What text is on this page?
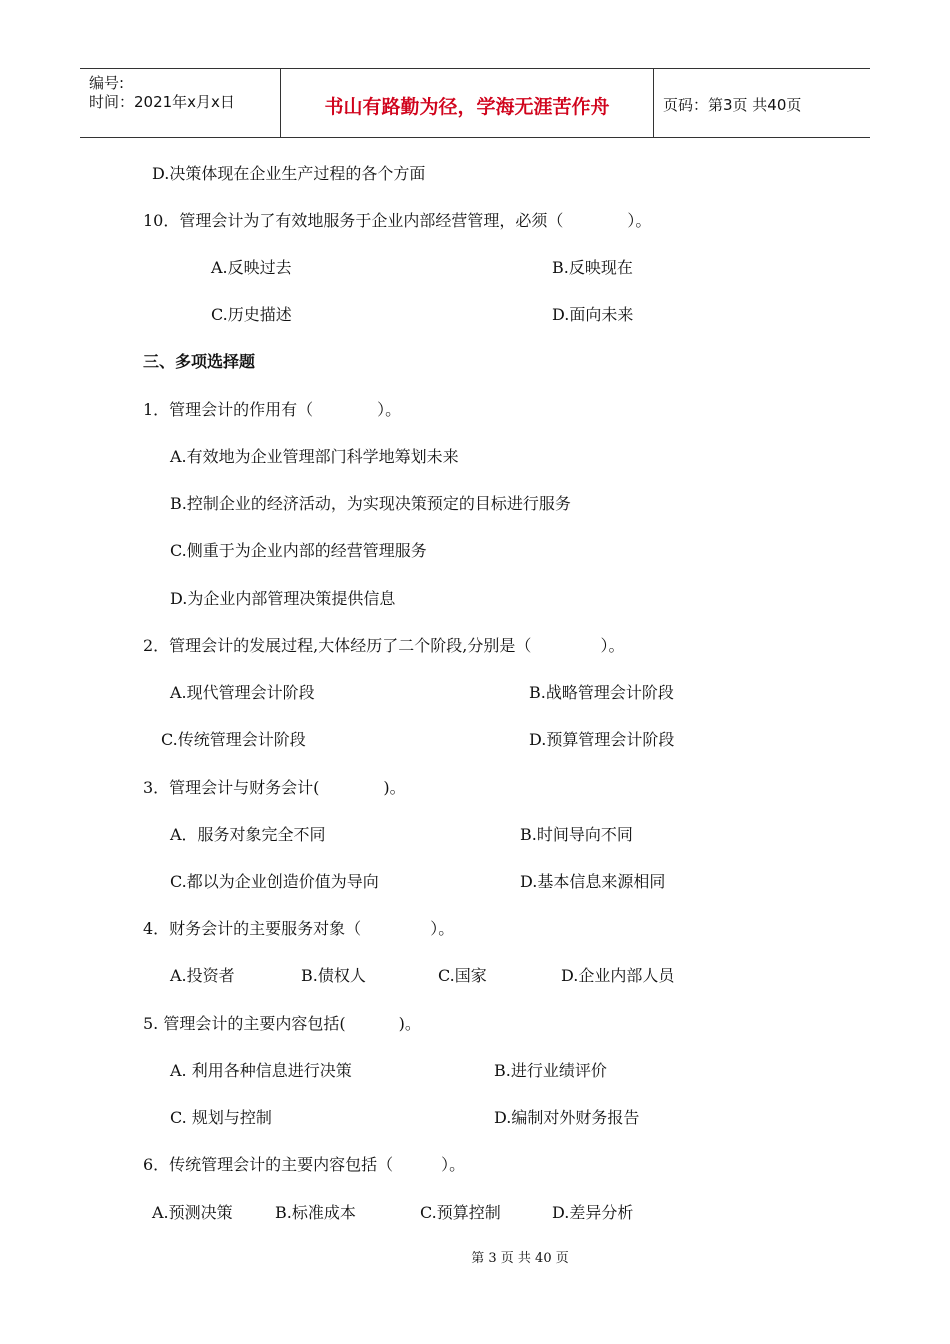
编号:
时间：2021年x月x日	书山有路勤为径，学海无涯苦作舟	页码：第3页 共40页
D.决策体现在企业生产过程的各个方面
10．管理会计为了有效地服务于企业内部经营管理，必须（　　　　）。
A.反映过去	B.反映现在
C.历史描述	D.面向未来
三、多项选择题
1．管理会计的作用有（　　　　）。
A.有效地为企业管理部门科学地筹划未来
B.控制企业的经济活动，为实现决策预定的目标进行服务
C.侧重于为企业内部的经营管理服务
D.为企业内部管理决策提供信息
2．管理会计的发展过程,大体经历了二个阶段,分别是（　　　　 ）。
A.现代管理会计阶段	B.战略管理会计阶段
C.传统管理会计阶段	D.预算管理会计阶段
3．管理会计与财务会计(　　　　)。
A．服务对象完全不同	B.时间导向不同
C.都以为企业创造价值为导向	D.基本信息来源相同
4．财务会计的主要服务对象（　　　　 ）。
A.投资者	B.债权人	C.国家	D.企业内部人员
5. 管理会计的主要内容包括(　　　 )。
A. 利用各种信息进行决策	B.进行业绩评价
C. 规划与控制	D.编制对外财务报告
6．传统管理会计的主要内容包括（　　　）。
A.预测决策	B.标准成本	C.预算控制	D.差异分析
第 3 页 共 40 页
